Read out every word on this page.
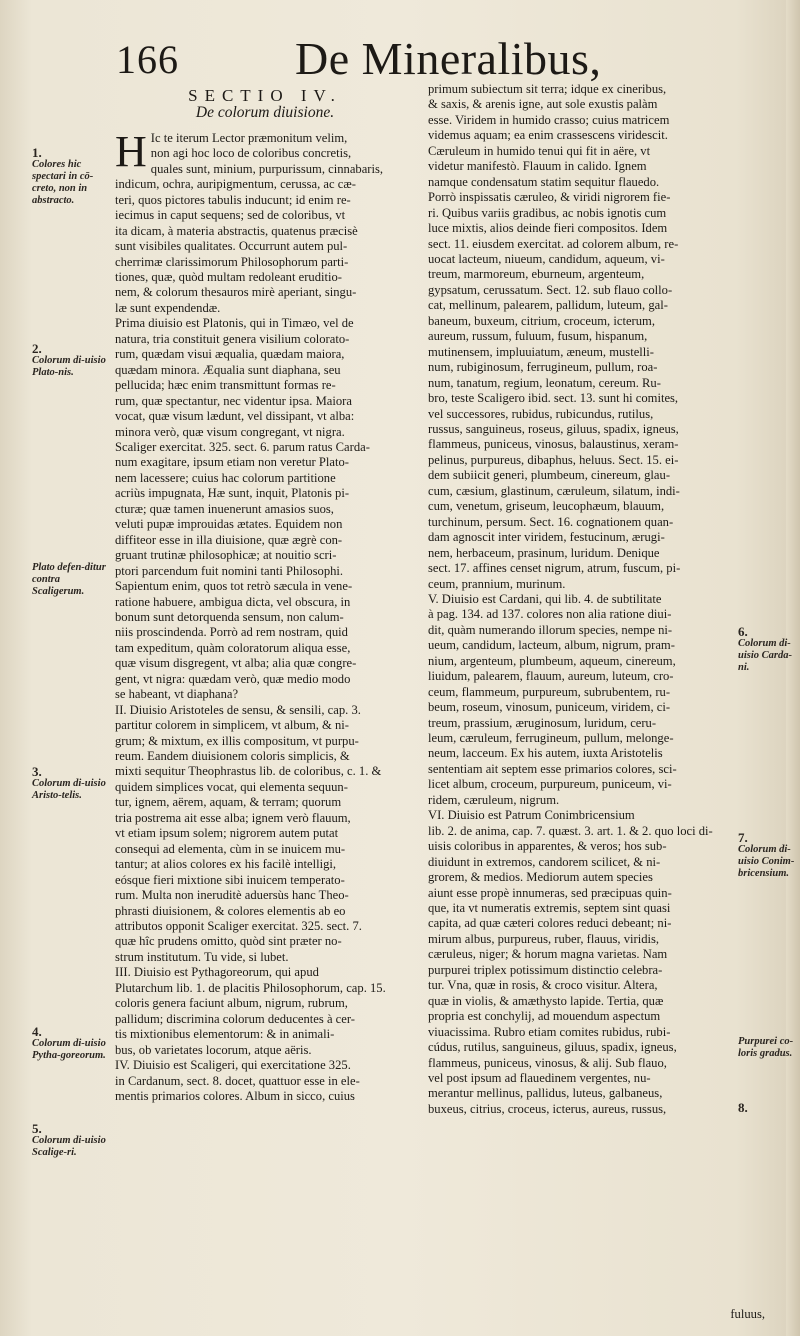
166	De Mineralibus,
SECTIO IV.
De colorum diuisione.
H Ic te iterum Lector præmonitum velim,
non agi hoc loco de coloribus concretis,
quales sunt, minium, purpurissum, cinnabaris,
indicum, ochra, auripigmentum, cerussa, ac cæ-
teri, quos pictores tabulis inducunt; id enim re-
iecimus in caput sequens; sed de coloribus, vt
ita dicam, à materia abstractis, quatenus præcisè
sunt visibiles qualitates. Occurrunt autem pul-
cherrimæ clarissimorum Philosophorum parti-
tiones, quæ, quòd multam redoleant eruditio-
nem, & colorum thesauros mirè aperiant, singu-
læ sunt expendendæ.
Prima diuisio est Platonis, qui in Timæo, vel de
natura, tria constituit genera visilium colorato-
rum, quædam visui æqualia, quædam maiora,
quædam minora. Æqualia sunt diaphana, seu
pellucida; hæc enim transmittunt formas re-
rum, quæ spectantur, nec videntur ipsa. Maiora
vocat, quæ visum lædunt, vel dissipant, vt alba:
minora verò, quæ visum congregant, vt nigra.
Scaliger exercitat. 325. sect. 6. parum ratus Carda-
num exagitare, ipsum etiam non veretur Plato-
nem lacessere; cuius hac colorum partitione
acriùs impugnata, Hæ sunt, inquit, Platonis pi-
cturæ; quæ tamen inuenerunt amasios suos,
veluti pupæ improuidas ætates. Equidem non
diffiteor esse in illa diuisione, quæ ægrè con-
gruant trutinæ philosophicæ; at nouitio scri-
ptori parcendum fuit nomini tanti Philosophi.
Sapientum enim, quos tot retrò sæcula in vene-
ratione habuere, ambigua dicta, vel obscura, in
bonum sunt detorquenda sensum, non calum-
niis proscindenda. Porrò ad rem nostram, quid
tam expeditum, quàm coloratorum aliqua esse,
quæ visum disgregent, vt alba; alia quæ congre-
gent, vt nigra: quædam verò, quæ medio modo
se habeant, vt diaphana?
II. Diuisio Aristoteles de sensu, & sensili, cap. 3.
partitur colorem in simplicem, vt album, & ni-
grum; & mixtum, ex illis compositum, vt purpu-
reum. Eandem diuisionem coloris simplicis, &
mixti sequitur Theophrastus lib. de coloribus, c. 1. &
quidem simplices vocat, qui elementa sequun-
tur, ignem, aërem, aquam, & terram; quorum
tria postrema ait esse alba; ignem verò flauum,
vt etiam ipsum solem; nigrorem autem putat
consequi ad elementa, cùm in se inuicem mu-
tantur; at alios colores ex his facilè intelligi,
eósque fieri mixtione sibi inuicem temperato-
rum. Multa non ineruditè aduersùs hanc Theo-
phrasti diuisionem, & colores elementis ab eo
attributos opponit Scaliger exercitat. 325. sect. 7.
quæ hîc prudens omitto, quòd sint præter no-
strum institutum. Tu vide, si lubet.
III. Diuisio est Pythagoreorum, qui apud
Plutarchum lib. 1. de placitis Philosophorum, cap. 15.
coloris genera faciunt album, nigrum, rubrum,
pallidum; discrimina colorum deducentes à cer-
tis mixtionibus elementorum: & in animali-
bus, ob varietates locorum, atque aëris.
IV. Diuisio est Scaligeri, qui exercitatione 325.
in Cardanum, sect. 8. docet, quattuor esse in ele-
mentis primarios colores. Album in sicco, cuius
primum subiectum sit terra; idque ex cineribus,
& saxis, & arenis igne, aut sole exustis palàm
esse. Viridem in humido crasso; cuius matricem
videmus aquam; ea enim crassescens viridescit.
Cæruleum in humido tenui qui fit in aëre, vt
videtur manifestò. Flauum in calido. Ignem
namque condensatum statim sequitur flauedo.
Porrò inspissatis cæruleo, & viridi nigrorem fie-
ri. Quibus variis gradibus, ac nobis ignotis cum
luce mixtis, alios deinde fieri compositos. Idem
sect. 11. eiusdem exercitat. ad colorem album, re-
uocat lacteum, niueum, candidum, aqueum, vi-
treum, marmoreum, eburneum, argenteum,
gypsatum, cerussatum. Sect. 12. sub flauo collo-
cat, mellinum, palearem, pallidum, luteum, gal-
baneum, buxeum, citrium, croceum, icterum,
aureum, russum, fuluum, fusum, hispanum,
mutinensem, impluuiatum, æneum, mustelli-
num, rubiginosum, ferrugineum, pullum, roa-
num, tanatum, regium, leonatum, cereum. Ru-
bro, teste Scaligero ibid. sect. 13. sunt hi comites,
vel successores, rubidus, rubicundus, rutilus,
russus, sanguineus, roseus, giluus, spadix, igneus,
flammeus, puniceus, vinosus, balaustinus, xeram-
pelinus, purpureus, dibaphus, heluus. Sect. 15. ei-
dem subiicit generi, plumbeum, cinereum, glau-
cum, cæsium, glastinum, cæruleum, silatum, indi-
cum, venetum, griseum, leucophæum, blauum,
turchinum, persum. Sect. 16. cognationem quan-
dam agnoscit inter viridem, festucinum, ærugi-
nem, herbaceum, prasinum, luridum. Denique
sect. 17. affines censet nigrum, atrum, fuscum, pi-
ceum, prannium, murinum.
V. Diuisio est Cardani, qui lib. 4. de subtilitate
à pag. 134. ad 137. colores non alia ratione diui-
dit, quàm numerando illorum species, nempe ni-
ueum, candidum, lacteum, album, nigrum, pram-
nium, argenteum, plumbeum, aqueum, cinereum,
liuidum, palearem, flauum, aureum, luteum, cro-
ceum, flammeum, purpureum, subrubentem, ru-
beum, roseum, vinosum, puniceum, viridem, ci-
treum, prassium, æruginosum, luridum, ceru-
leum, cæruleum, ferrugineum, pullum, melonge-
neum, lacceum. Ex his autem, iuxta Aristotelis
sententiam ait septem esse primarios colores, sci-
licet album, croceum, purpureum, puniceum, vi-
ridem, cæruleum, nigrum.
VI. Diuisio est Patrum Conimbricensium
lib. 2. de anima, cap. 7. quæst. 3. art. 1. & 2. quo loci di-
uisis coloribus in apparentes, & veros; hos sub-
diuidunt in extremos, candorem scilicet, & ni-
grorem, & medios. Mediorum autem species
aiunt esse propè innumeras, sed præcipuas quin-
que, ita vt numeratis extremis, septem sint quasi
capita, ad quæ cæteri colores reduci debeant; ni-
mirum albus, purpureus, ruber, flauus, viridis,
cæruleus, niger; & horum magna varietas. Nam
purpurei triplex potissimum distinctio celebra-
tur. Vna, quæ in rosis, & croco visitur. Altera,
quæ in violis, & amæthysto lapide. Tertia, quæ
propria est conchylij, ad mouendum aspectum
viuacissima. Rubro etiam comites rubidus, rubi-
cúdus, rutilus, sanguineus, giluus, spadix, igneus,
flammeus, puniceus, vinosus, & alij. Sub flauo,
vel post ipsum ad flauedinem vergentes, nu-
merantur mellinus, pallidus, luteus, galbaneus,
buxeus, citrius, croceus, icterus, aureus, russus,
fuluus,
1.
Colores hic spectari in cō-creto, non in abstracto.
2.
Colorum di-uisio Plato-nis.
Plato defen-ditur contra Scaligerum.
3.
Colorum di-uisio Aristo-telis.
4.
Colorum di-uisio Pytha-goreorum.
5.
Colorum di-uisio Scalige-ri.
6.
Colorum di-uisio Carda-ni.
7.
Colorum di-uisio Conim-bricensium.
Purpurei co-loris gradus.
8.
